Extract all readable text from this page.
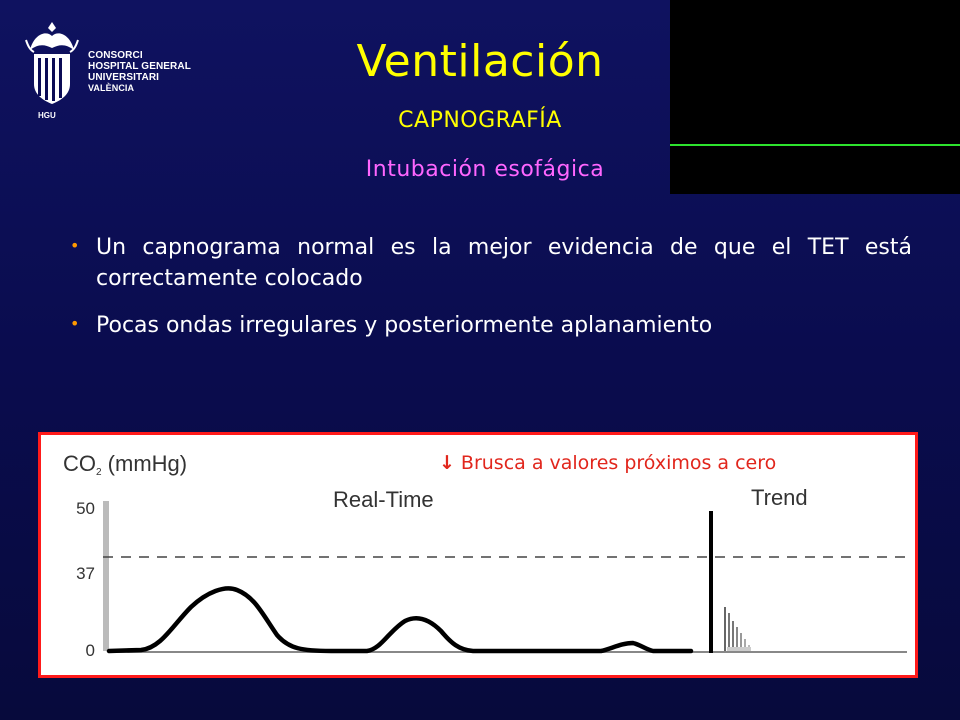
HGU
CONSORCI
HOSPITAL GENERAL
UNIVERSITARI
VALÈNCIA
Ventilación
CAPNOGRAFÍA
Intubación esofágica
• Un capnograma normal es la mejor evidencia de que el TET está correctamente colocado
• Pocas ondas irregulares y posteriormente aplanamiento
$CO_2$ (mmHg)
Real-Time	Trend
50
37
0
↓ Brusca a valores próximos a cero
